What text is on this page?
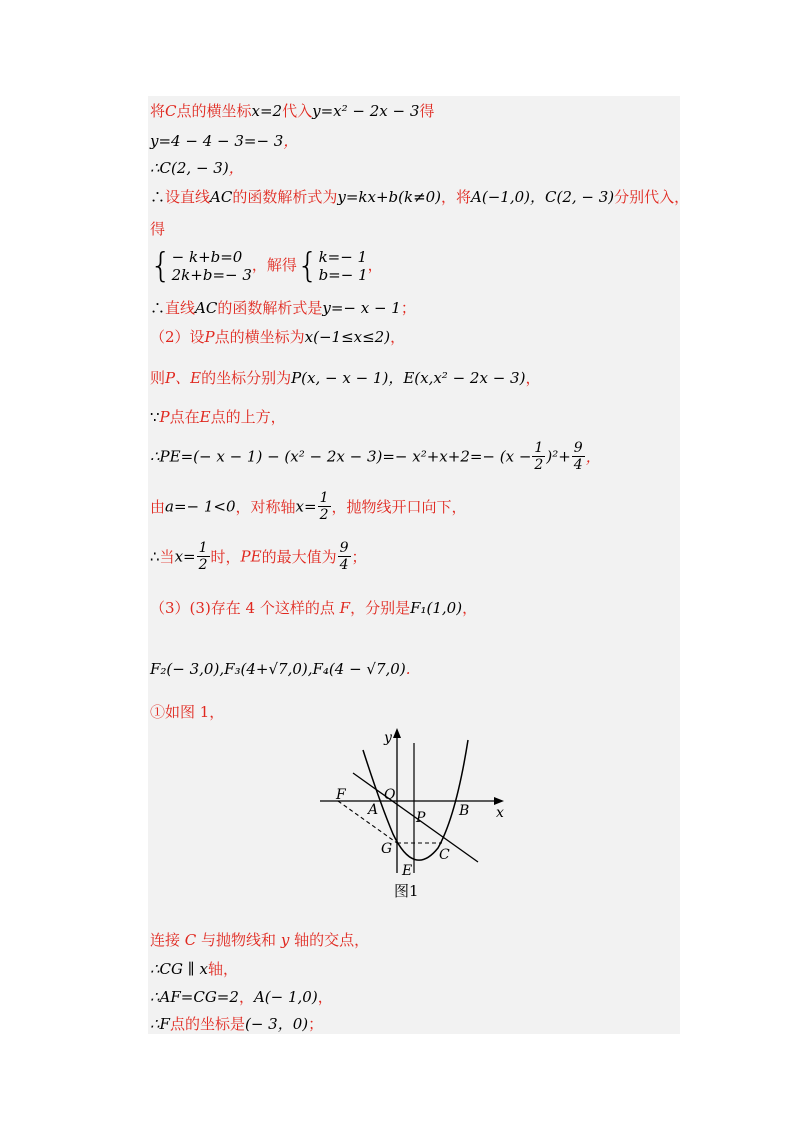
将C点的横坐标x=2代入y=x² − 2x − 3得
y=4 − 4 − 3=− 3，
∴C(2, − 3)，
∴设直线AC的函数解析式为y=kx+b(k≠0)，将A(−1,0)，C(2, − 3)分别代入，
得
{ − k+b=0
2k+b=− 3
，解得{ k=− 1
b=− 1
，
∴直线AC的函数解析式是y=− x − 1；
（2）设P点的横坐标为x(−1≤x≤2)，
则P、E的坐标分别为P(x, − x − 1)，E(x,x² − 2x − 3)，
∵P点在E点的上方，
∴PE=(− $x - 1) - (x^2 - 2x - 3)=- x^2+x+2=- (x - \frac{1}{2} )^2+ \frac{9}{4}$ ，
由a=− 1<0，对称轴$x= \frac{1}{2}$ ，抛物线开口向下，
∴当$x= \frac{1}{2}$ 时，PE的最大值为 $\frac{9}{4}$ ；
（3）(3)存在 4 个这样的点 F，分别是F₁(1,0)，
F₂(− 3,0),F₃(4+√7,0),F₄(4 − √7,0).
①如图 1，
y
x
O
A	B
F
P
G	C
E
图1
连接 C 与抛物线和 y 轴的交点，
∴CG ∥ x轴，
∴AF=CG=2，A(− 1,0)，
∴F点的坐标是(− 3，0)；
